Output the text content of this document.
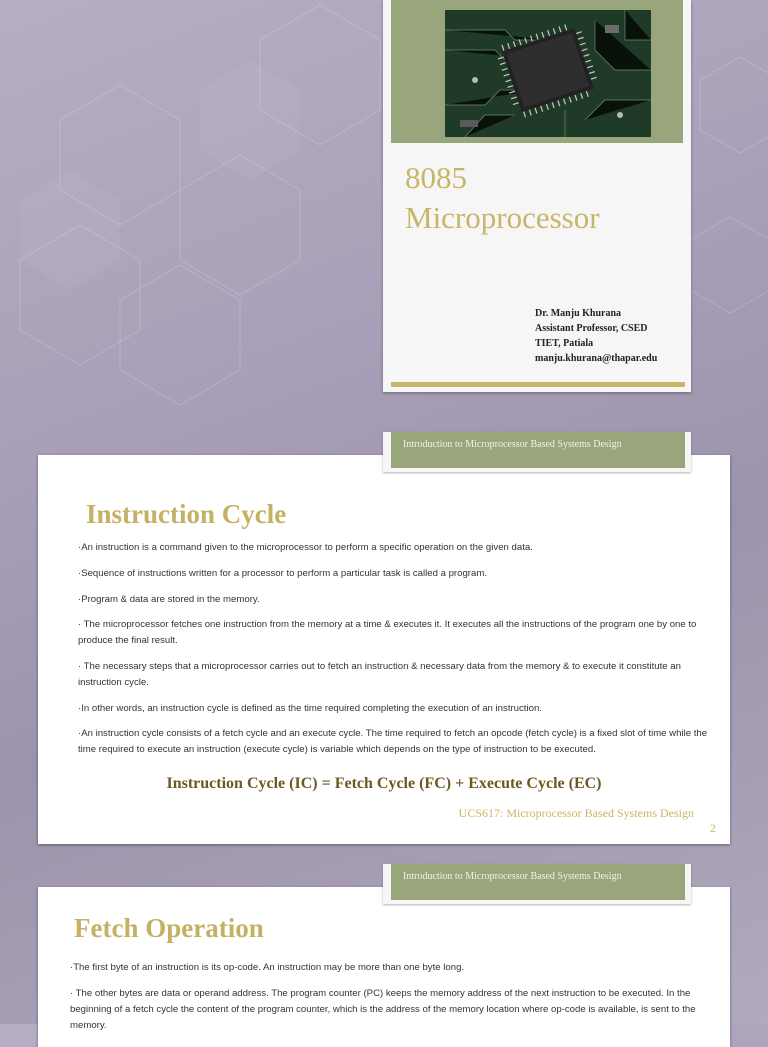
8085
Microprocessor
Dr. Manju Khurana
Assistant Professor, CSED
TIET, Patiala
manju.khurana@thapar.edu
Instruction Cycle
·An instruction is a command given to the microprocessor to perform a specific operation on the given data.
·Sequence of instructions written for a processor to perform a particular task is called a program.
·Program & data are stored in the memory.
· The microprocessor fetches one instruction from the memory at a time & executes it. It executes all the instructions of the program one by one to produce the final result.
· The necessary steps that a microprocessor carries out to fetch an instruction & necessary data from the memory & to execute it constitute an instruction cycle.
·In other words, an instruction cycle is defined as the time required completing the execution of an instruction.
·An instruction cycle consists of a fetch cycle and an execute cycle. The time required to fetch an opcode (fetch cycle) is a fixed slot of time while the time required to execute an instruction (execute cycle) is variable which depends on the type of instruction to be executed.
Instruction Cycle (IC) = Fetch Cycle (FC) + Execute Cycle (EC)
UCS617: Microprocessor Based Systems Design
2
Introduction to Microprocessor Based Systems Design
Fetch Operation
·The first byte of an instruction is its op-code. An instruction may be more than one byte long.
· The other bytes are data or operand address. The program counter (PC) keeps the memory address of the next instruction to be executed. In the beginning of a fetch cycle the content of the program counter, which is the address of the memory location where op-code is available, is sent to the memory.
Introduction to Microprocessor Based Systems Design
